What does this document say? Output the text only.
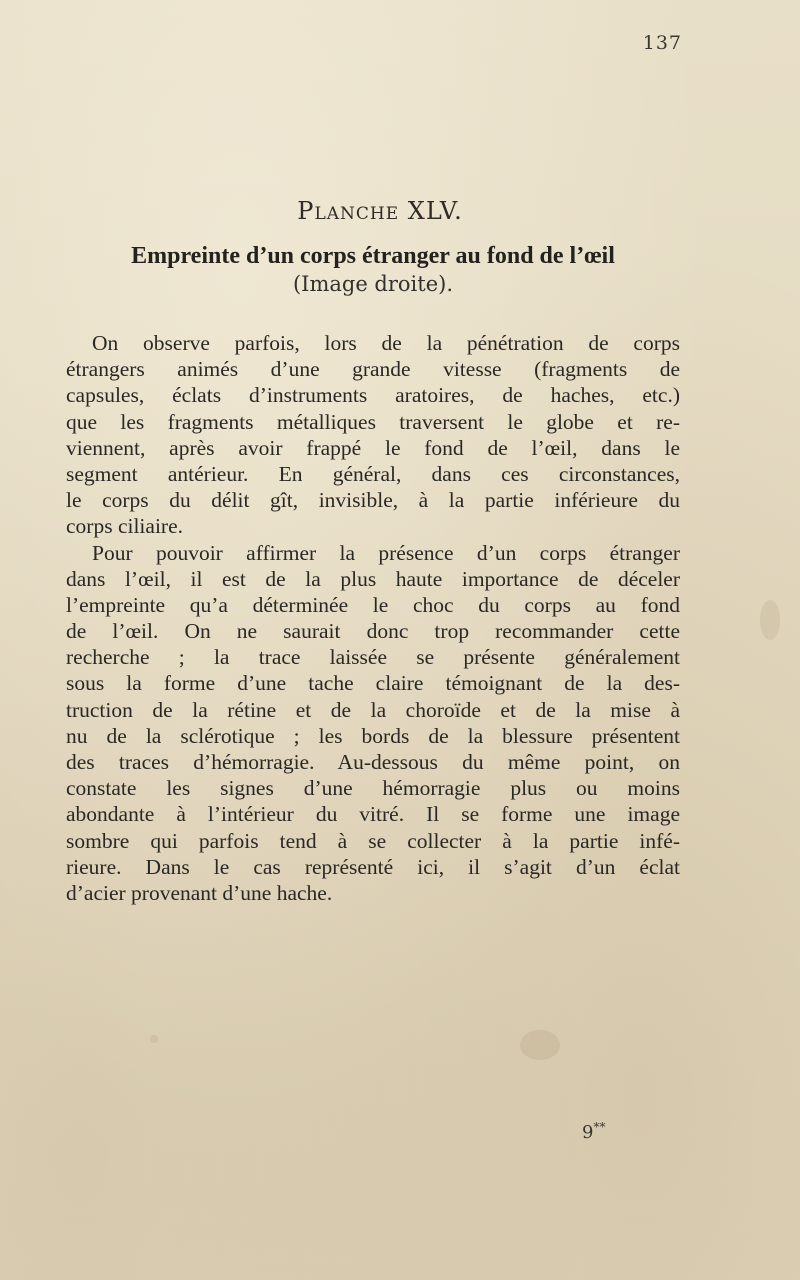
137
Planche XLV.
Empreinte d’un corps étranger au fond de l’œil
(Image droite).
On observe parfois, lors de la pénétration de corps
étrangers animés d’une grande vitesse (fragments de
capsules, éclats d’instruments aratoires, de haches, etc.)
que les fragments métalliques traversent le globe et re-
viennent, après avoir frappé le fond de l’œil, dans le
segment antérieur. En général, dans ces circonstances,
le corps du délit gît, invisible, à la partie inférieure du
corps ciliaire.
Pour pouvoir affirmer la présence d’un corps étranger
dans l’œil, il est de la plus haute importance de déceler
l’empreinte qu’a déterminée le choc du corps au fond
de l’œil. On ne saurait donc trop recommander cette
recherche ; la trace laissée se présente généralement
sous la forme d’une tache claire témoignant de la des-
truction de la rétine et de la choroïde et de la mise à
nu de la sclérotique ; les bords de la blessure présentent
des traces d’hémorragie. Au-dessous du même point, on
constate les signes d’une hémorragie plus ou moins
abondante à l’intérieur du vitré. Il se forme une image
sombre qui parfois tend à se collecter à la partie infé-
rieure. Dans le cas représenté ici, il s’agit d’un éclat
d’acier provenant d’une hache.
9**
